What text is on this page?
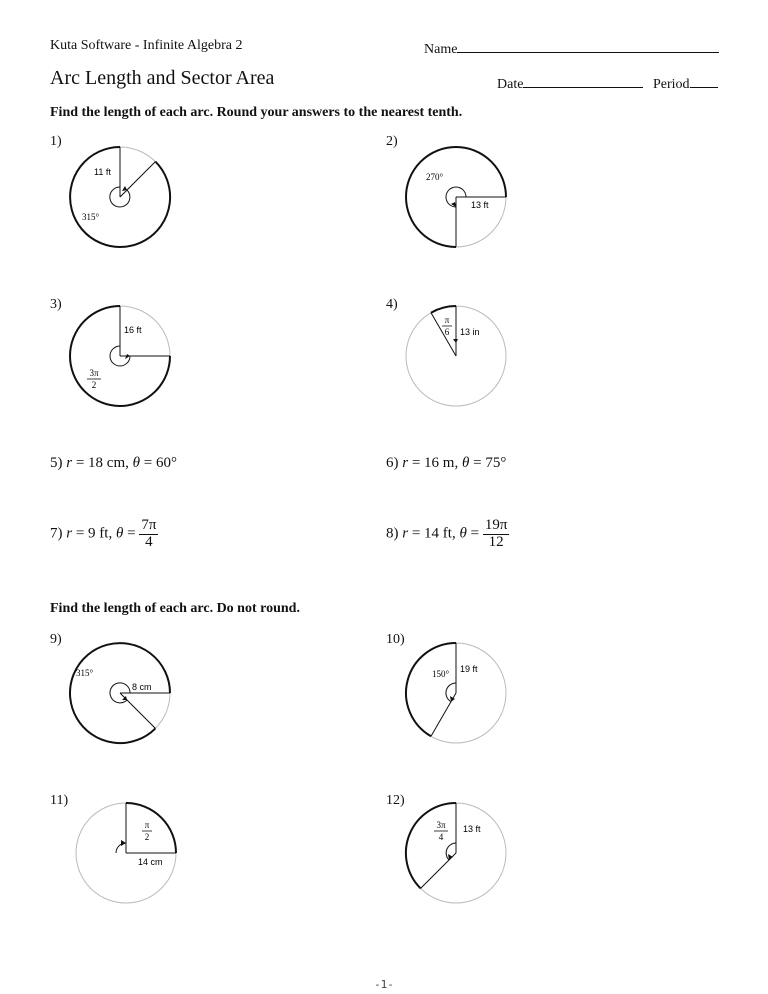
Kuta Software - Infinite Algebra 2	Name
Arc Length and Sector Area	Date	Period
Find the length of each arc. Round your answers to the nearest tenth.
1)	2)
3)	4)
11 ft
315°
270°
13 ft
16 ft
3π
2
π
6 13 in
5) r = 18 cm, θ = 60°	6) r = 16 m, θ = 75°
7) r = 9 ft, $\theta = \frac{7\pi}{4}$	8) r = 14 ft, $\theta = \frac{19\pi}{12}$
Find the length of each arc. Do not round.
9)	10)
11)	12)
315°
8 cm
150° 19 ft
π
2
14 cm
3π
4
13 ft
-1-
